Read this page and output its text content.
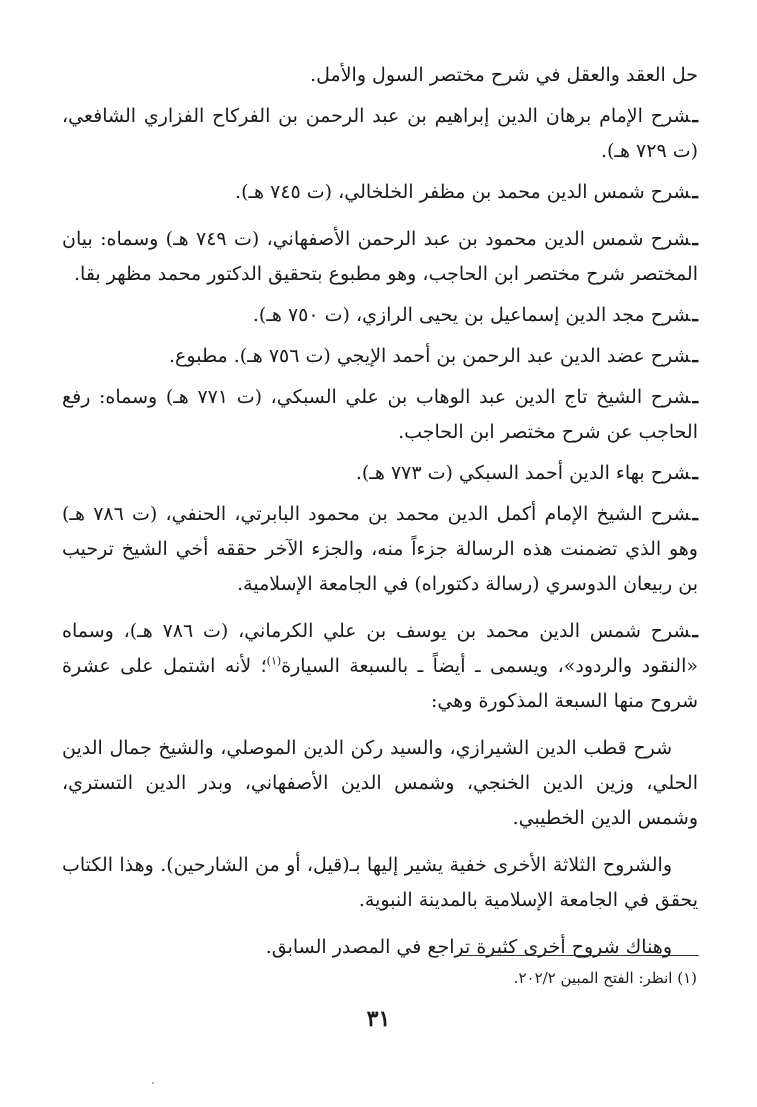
حل العقد والعقل في شرح مختصر السول والأمل.

ـشرح الإمام برهان الدين إبراهيم بن عبد الرحمن بن الفركاح الفزاري الشافعي، (ت ٧٢٩ هـ).

ـشرح شمس الدين محمد بن مظفر الخلخالي، (ت ٧٤٥ هـ).

ـشرح شمس الدين محمود بن عبد الرحمن الأصفهاني، (ت ٧٤٩ هـ) وسماه: بيان المختصر شرح مختصر ابن الحاجب، وهو مطبوع بتحقيق الدكتور محمد مظهر بقا.

ـشرح مجد الدين إسماعيل بن يحيى الرازي، (ت ٧٥٠ هـ).

ـشرح عضد الدين عبد الرحمن بن أحمد الإيجي (ت ٧٥٦ هـ). مطبوع.

ـشرح الشيخ تاج الدين عبد الوهاب بن علي السبكي، (ت ٧٧١ هـ) وسماه: رفع الحاجب عن شرح مختصر ابن الحاجب.

ـشرح بهاء الدين أحمد السبكي (ت ٧٧٣ هـ).

ـشرح الشيخ الإمام أكمل الدين محمد بن محمود البابرتي، الحنفي، (ت ٧٨٦ هـ) وهو الذي تضمنت هذه الرسالة جزءاً منه، والجزء الآخر حققه أخي الشيخ ترحيب بن ربيعان الدوسري (رسالة دكتوراه) في الجامعة الإسلامية.

ـشرح شمس الدين محمد بن يوسف بن علي الكرماني، (ت ٧٨٦ هـ)، وسماه «النقود والردود»، ويسمى ـ أيضاً ـ بالسبعة السيارة$^{(١)}$؛ لأنه اشتمل على عشرة شروح منها السبعة المذكورة وهي:

شرح قطب الدين الشيرازي، والسيد ركن الدين الموصلي، والشيخ جمال الدين الحلي، وزين الدين الخنجي، وشمس الدين الأصفهاني، وبدر الدين التستري، وشمس الدين الخطيبي.

والشروح الثلاثة الأخرى خفية يشير إليها بـ(قيل، أو من الشارحين). وهذا الكتاب يحقق في الجامعة الإسلامية بالمدينة النبوية.

وهناك شروح أخرى كثيرة تراجع في المصدر السابق.

(١) انظر: الفتح المبين ٢٠٢/٢.
٣١
